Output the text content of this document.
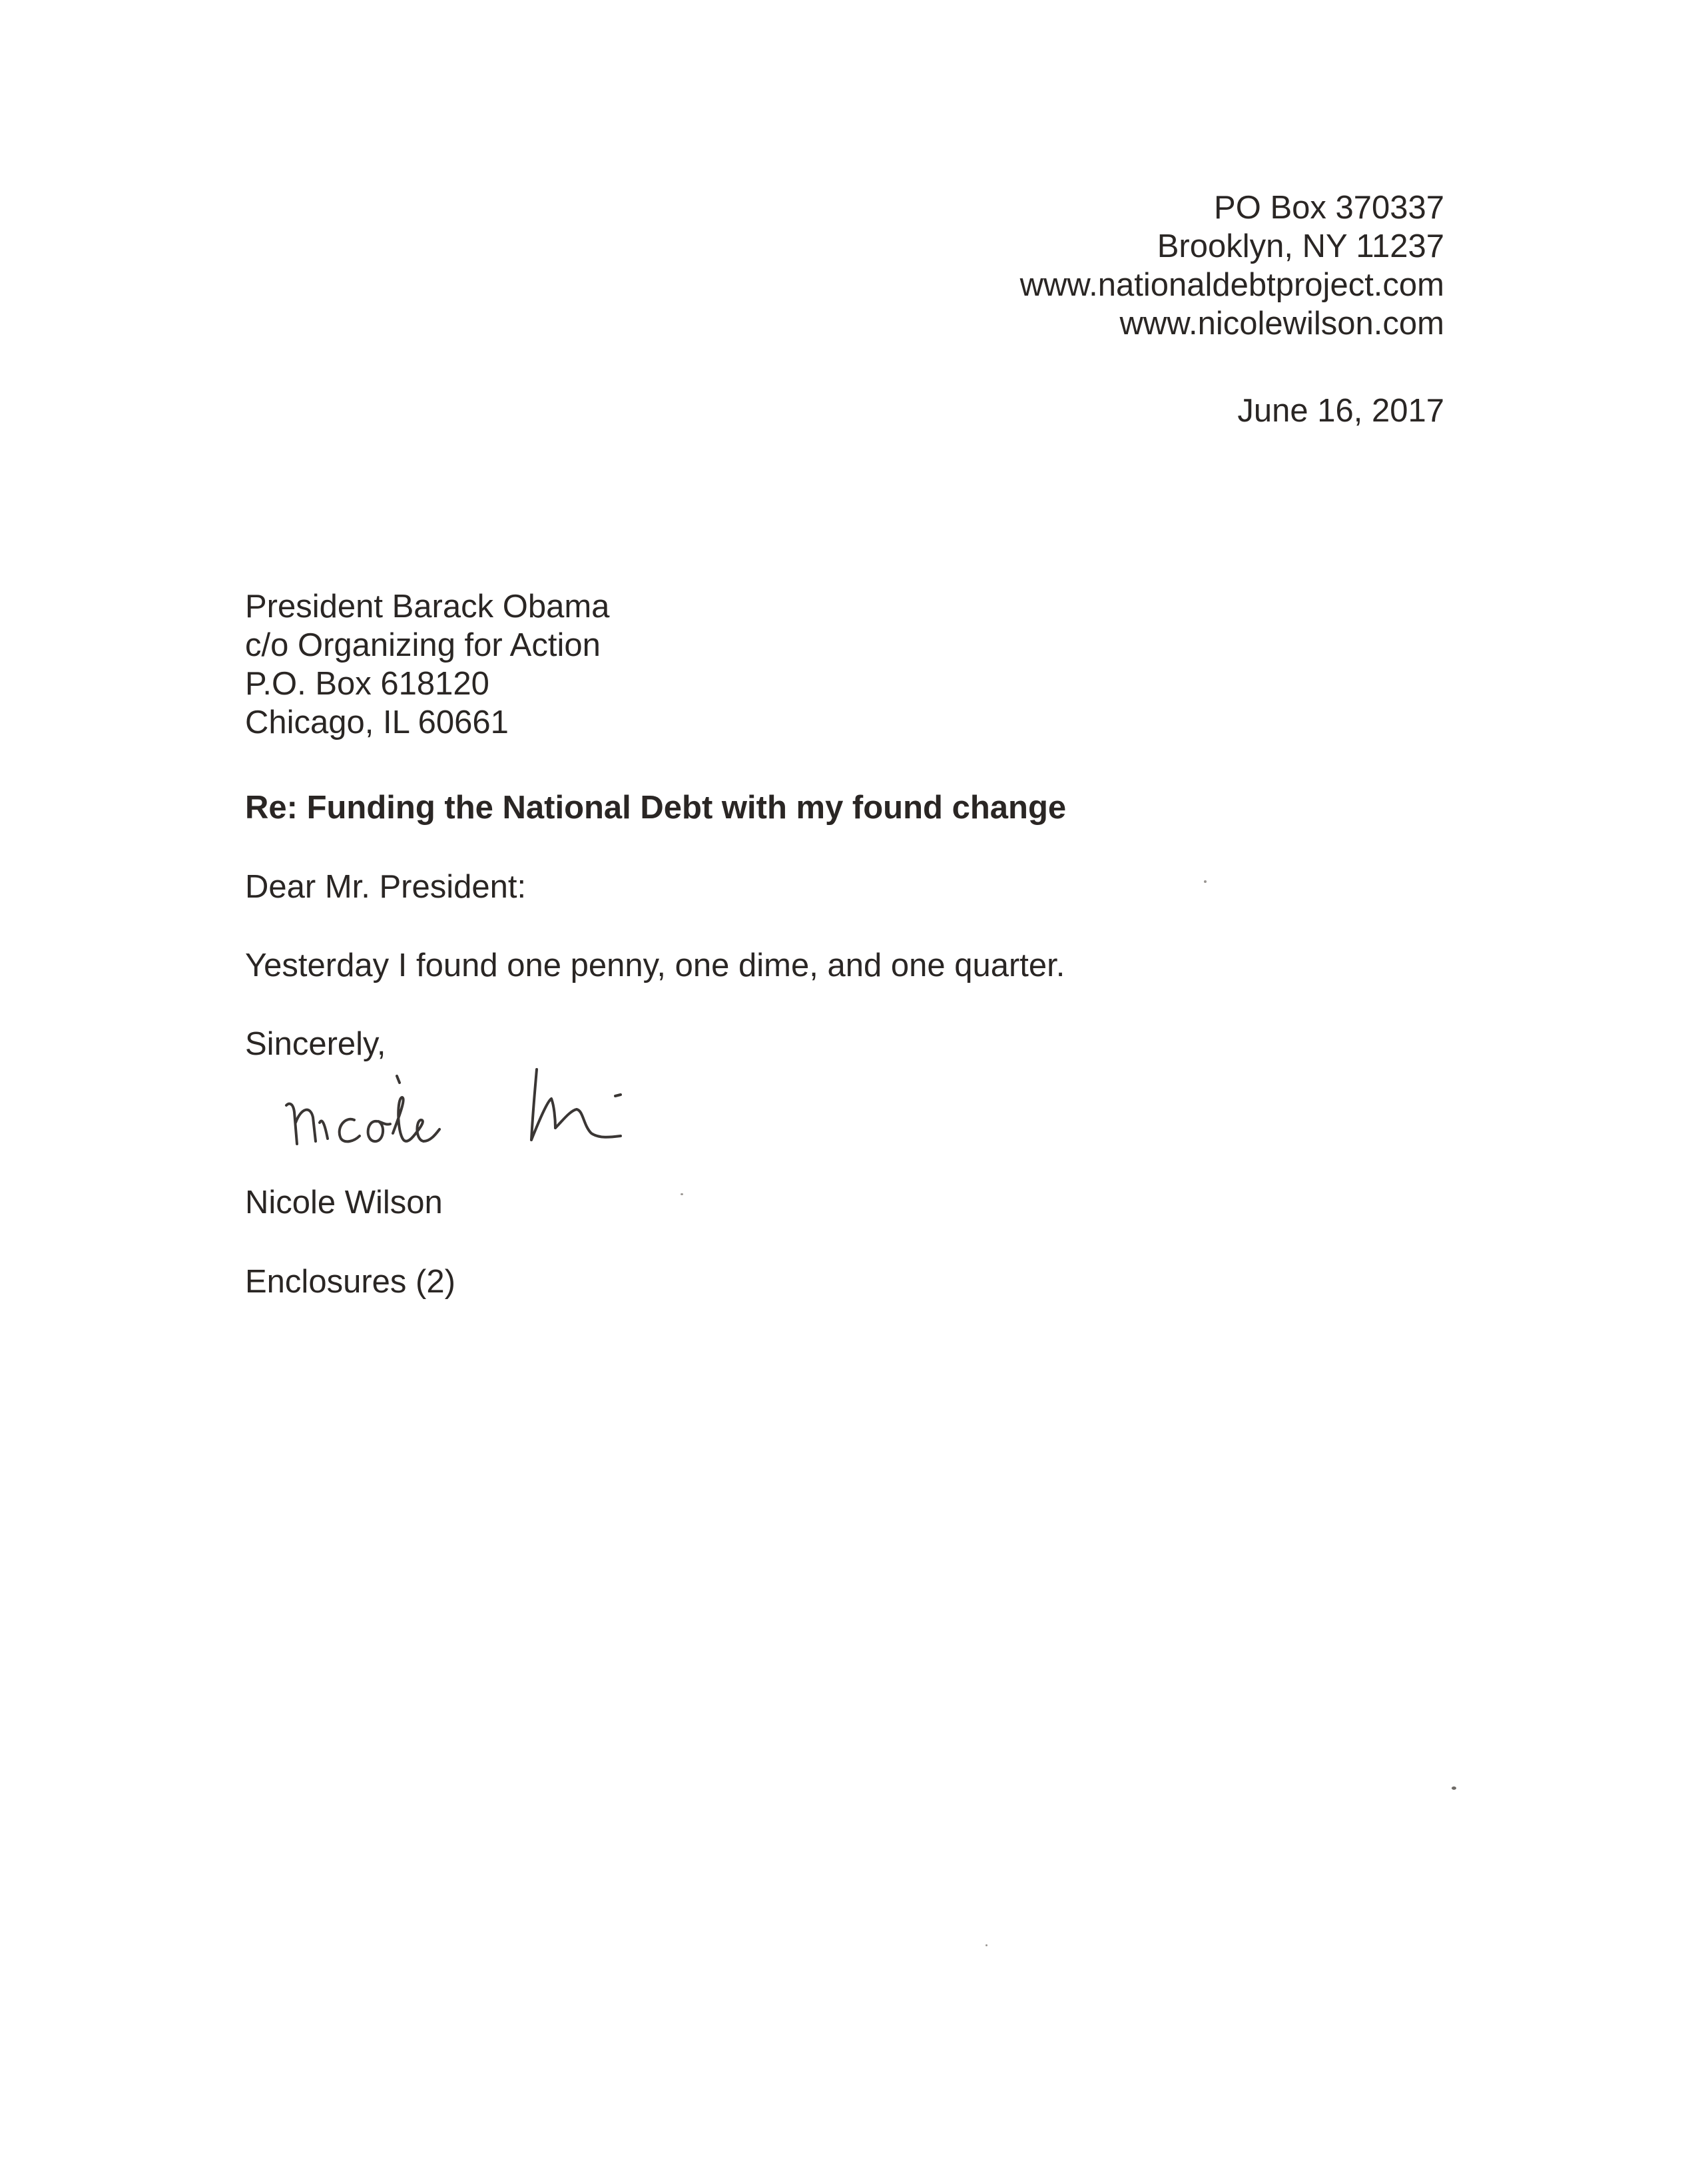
PO Box 370337

Brooklyn, NY 11237

www.nationaldebtproject.com

www.nicolewilson.com

June 16, 2017

President Barack Obama

c/o Organizing for Action

P.O. Box 618120

Chicago, IL 60661

Re: Funding the National Debt with my found change

Dear Mr. President:

Yesterday I found one penny, one dime, and one quarter.

Sincerely,

Nicole Wilson

Enclosures (2)
